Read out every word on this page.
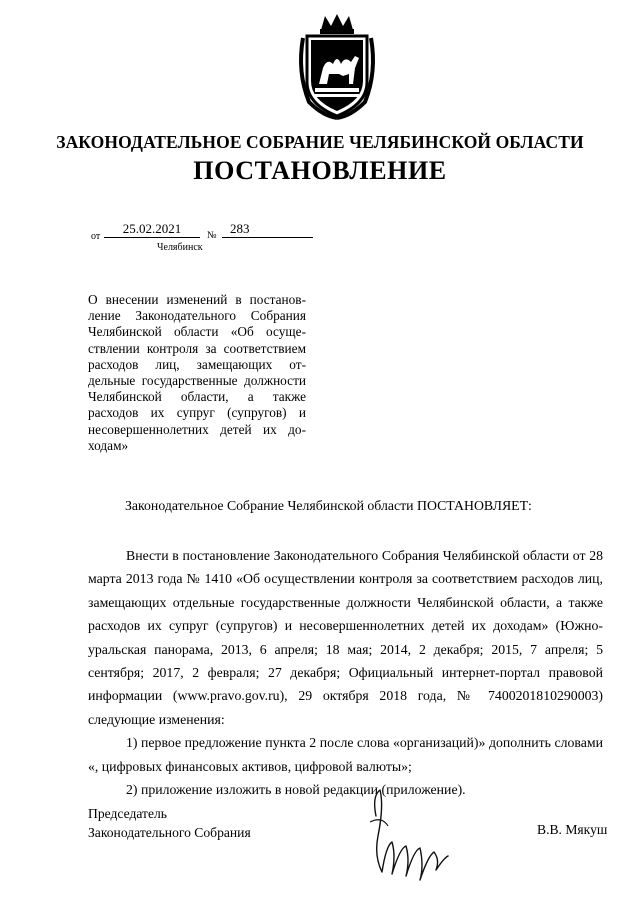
ЗАКОНОДАТЕЛЬНОЕ СОБРАНИЕ ЧЕЛЯБИНСКОЙ ОБЛАСТИ
ПОСТАНОВЛЕНИЕ
от
25.02.2021	№	283
Челябинск
О внесении изменений в постановление Законодательного Собрания Челябинской области «Об осуществлении контроля за соответствием расходов лиц, замещающих отдельные государственные должности Челябинской области, а также расходов их супруг (супругов) и несовершеннолетних детей их доходам»
Законодательное Собрание Челябинской области ПОСТАНОВЛЯЕТ:

Внести в постановление Законодательного Собрания Челябинской области от 28 марта 2013 года № 1410 «Об осуществлении контроля за соответствием расходов лиц, замещающих отдельные государственные должности Челябинской области, а также расходов их супруг (супругов) и несовершеннолетних детей их доходам» (Южноуральская панорама, 2013, 6 апреля; 18 мая; 2014, 2 декабря; 2015, 7 апреля; 5 сентября; 2017, 2 февраля; 27 декабря; Официальный интернет-портал правовой информации (www.pravo.gov.ru), 29 октября 2018 года, № 7400201810290003) следующие изменения:

1) первое предложение пункта 2 после слова «организаций)» дополнить словами «, цифровых финансовых активов, цифровой валюты»;

2) приложение изложить в новой редакции (приложение).

Председатель
Законодательного Собрания	В.В. Мякуш
